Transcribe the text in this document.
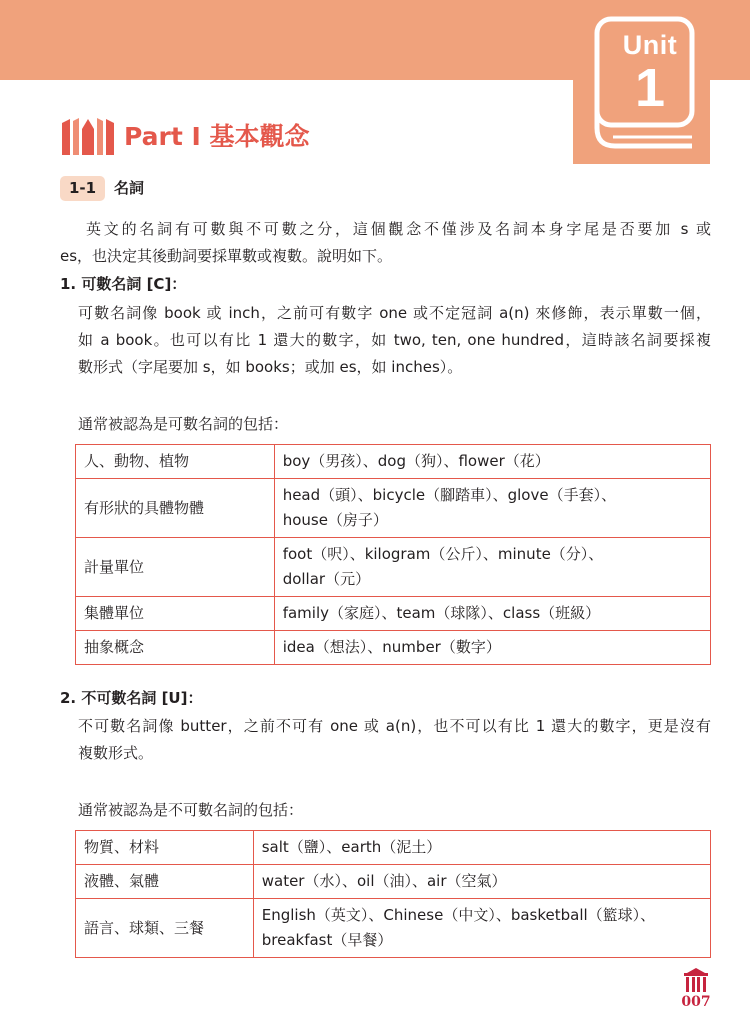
Unit
1
Part I 基本觀念
1-1	名詞
英文的名詞有可數與不可數之分，這個觀念不僅涉及名詞本身字尾是否要加 s 或
es，也決定其後動詞要採單數或複數。說明如下。
1. 可數名詞 [C]：
可數名詞像 book 或 inch，之前可有數字 one 或不定冠詞 a(n) 來修飾，表示單數一個，
如 a book。也可以有比 1 還大的數字，如 two, ten, one hundred，這時該名詞要採複
數形式（字尾要加 s，如 books；或加 es，如 inches）。
通常被認為是可數名詞的包括：
人、動物、植物	boy（男孩）、dog（狗）、flower（花）

有形狀的具體物體	head（頭）、bicycle（腳踏車）、glove（手套）、
house（房子）

計量單位	foot（呎）、kilogram（公斤）、minute（分）、
dollar（元）

集體單位	family（家庭）、team（球隊）、class（班級）

抽象概念	idea（想法）、number（數字）
2. 不可數名詞 [U]：
不可數名詞像 butter，之前不可有 one 或 a(n)，也不可以有比 1 還大的數字，更是沒有
複數形式。
通常被認為是不可數名詞的包括：
物質、材料	salt（鹽）、earth（泥土）

液體、氣體	water（水）、oil（油）、air（空氣）

語言、球類、三餐	English（英文）、Chinese（中文）、basketball（籃球）、
breakfast（早餐）
007
